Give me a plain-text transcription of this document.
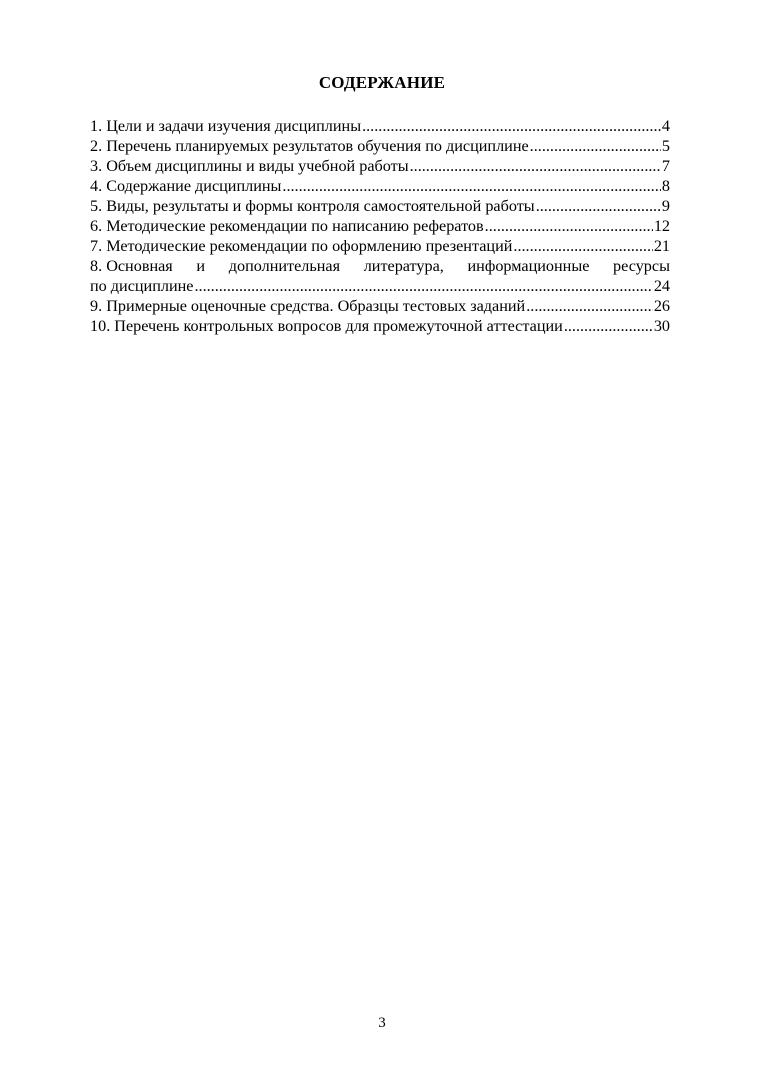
СОДЕРЖАНИЕ
1. Цели и задачи изучения дисциплины .....	4
2. Перечень планируемых результатов обучения по дисциплине .....	5
3. Объем дисциплины и виды учебной работы .....	7
4. Содержание дисциплины .....	8
5. Виды, результаты и формы контроля самостоятельной работы .....	9
6. Методические рекомендации по написанию рефератов .....	12
7. Методические рекомендации по оформлению презентаций .....	21
8. Основная и дополнительная литература, информационные ресурсы
по дисциплине .....	24
9. Примерные оценочные средства. Образцы тестовых заданий .....	26
10. Перечень контрольных вопросов для промежуточной аттестации .....	30
3
